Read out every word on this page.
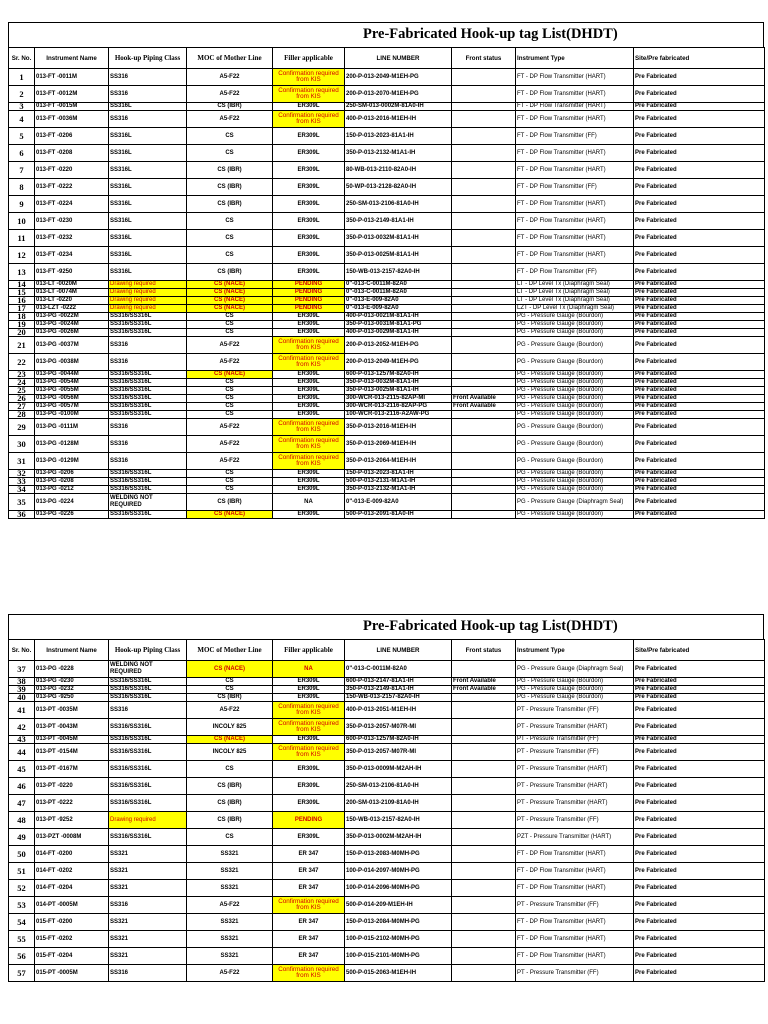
Pre-Fabricated Hook-up tag List(DHDT)
Sr. No.	Instrument Name	Hook-up Piping Class	MOC of Mother Line	Filler applicable	LINE NUMBER	Front status	Instrument Type	Site/Pre fabricated
1	013-FT -0011M	SS316	A5-F22	Confirmation required from KIS	200-P-013-2049-M1EH-PG		FT - DP Flow Transmitter (HART)	Pre Fabricated
2	013-FT -0012M	SS316	A5-F22	Confirmation required from KIS	200-P-013-2070-M1EH-PG		FT - DP Flow Transmitter (HART)	Pre Fabricated
3	013-FT -0015M	SS316L	CS (IBR)	ER309L	250-SM-013-0002M-81A0-IH		FT - DP Flow Transmitter (HART)	Pre Fabricated
4	013-FT -0036M	SS316	A5-F22	Confirmation required from KIS	400-P-013-2016-M1EH-IH		FT - DP Flow Transmitter (HART)	Pre Fabricated
5	013-FT -0206	SS316L	CS	ER309L	150-P-013-2023-81A1-IH		FT - DP Flow Transmitter (FF)	Pre Fabricated
6	013-FT -0208	SS316L	CS	ER309L	350-P-013-2132-M1A1-IH		FT - DP Flow Transmitter (HART)	Pre Fabricated
7	013-FT -0220	SS316L	CS (IBR)	ER309L	80-WB-013-2110-82A0-IH		FT - DP Flow Transmitter (HART)	Pre Fabricated
8	013-FT -0222	SS316L	CS (IBR)	ER309L	50-WP-013-2128-82A0-IH		FT - DP Flow Transmitter (FF)	Pre Fabricated
9	013-FT -0224	SS316L	CS (IBR)	ER309L	250-SM-013-2106-81A0-IH		FT - DP Flow Transmitter (HART)	Pre Fabricated
10	013-FT -0230	SS316L	CS	ER309L	350-P-013-2149-81A1-IH		FT - DP Flow Transmitter (HART)	Pre Fabricated
11	013-FT -0232	SS316L	CS	ER309L	350-P-013-0032M-81A1-IH		FT - DP Flow Transmitter (HART)	Pre Fabricated
12	013-FT -0234	SS316L	CS	ER309L	350-P-013-0025M-81A1-IH		FT - DP Flow Transmitter (HART)	Pre Fabricated
13	013-FT -9250	SS316L	CS (IBR)	ER309L	150-WB-013-2157-82A0-IH		FT - DP Flow Transmitter (FF)	Pre Fabricated
14	013-LT -0020M	Drawing required	CS (NACE)	PENDING	0"-013-C-0011M-82A0		LT - DP Level Tx (Diaphragm Seal)	Pre Fabricated
15	013-LT -0074M	Drawing required	CS (NACE)	PENDING	0"-013-C-0011M-82A0		LT - DP Level Tx (Diaphragm Seal)	Pre Fabricated
16	013-LT -0220	Drawing required	CS (NACE)	PENDING	0"-013-E-009-82A0		LT - DP Level Tx (Diaphragm Seal)	Pre Fabricated
17	013-LZT -0222	Drawing required	CS (NACE)	PENDING	0"-013-E-009-82A0		LZT - DP Level Tx (Diaphragm Seal)	Pre Fabricated
18	013-PG -0022M	SS316/SS316L	CS	ER309L	400-P-013-0021M-81A1-IH		PG - Pressure Gauge (Bourdon)	Pre Fabricated
19	013-PG -0024M	SS316/SS316L	CS	ER309L	350-P-013-0031M-81A1-PG		PG - Pressure Gauge (Bourdon)	Pre Fabricated
20	013-PG -0026M	SS316/SS316L	CS	ER309L	400-P-013-0029M-81A1-IH		PG - Pressure Gauge (Bourdon)	Pre Fabricated
21	013-PG -0037M	SS316	A5-F22	Confirmation required from KIS	200-P-013-2052-M1EH-PG		PG - Pressure Gauge (Bourdon)	Pre Fabricated
22	013-PG -0038M	SS316	A5-F22	Confirmation required from KIS	200-P-013-2049-M1EH-PG		PG - Pressure Gauge (Bourdon)	Pre Fabricated
23	013-PG -0044M	SS316/SS316L	CS (NACE)	ER309L	600-P-013-1257M-82A0-IH		PG - Pressure Gauge (Bourdon)	Pre Fabricated
24	013-PG -0054M	SS316/SS316L	CS	ER309L	350-P-013-0032M-81A1-IH		PG - Pressure Gauge (Bourdon)	Pre Fabricated
25	013-PG -0055M	SS316/SS316L	CS	ER309L	350-P-013-0025M-81A1-IH		PG - Pressure Gauge (Bourdon)	Pre Fabricated
26	013-PG -0056M	SS316/SS316L	CS	ER309L	300-WCR-013-2115-82AP-MI	Front Available	PG - Pressure Gauge (Bourdon)	Pre Fabricated
27	013-PG -0057M	SS316/SS316L	CS	ER309L	300-WCR-013-2116-82AP-PG	Front Available	PG - Pressure Gauge (Bourdon)	Pre Fabricated
28	013-PG -0100M	SS316/SS316L	CS	ER309L	100-WCR-013-2116-A2AW-PG		PG - Pressure Gauge (Bourdon)	Pre Fabricated
29	013-PG -0111M	SS316	A5-F22	Confirmation required from KIS	350-P-013-2016-M1EH-IH		PG - Pressure Gauge (Bourdon)	Pre Fabricated
30	013-PG -0128M	SS316	A5-F22	Confirmation required from KIS	350-P-013-2069-M1EH-IH		PG - Pressure Gauge (Bourdon)	Pre Fabricated
31	013-PG -0129M	SS316	A5-F22	Confirmation required from KIS	350-P-013-2064-M1EH-IH		PG - Pressure Gauge (Bourdon)	Pre Fabricated
32	013-PG -0206	SS316/SS316L	CS	ER309L	150-P-013-2023-81A1-IH		PG - Pressure Gauge (Bourdon)	Pre Fabricated
33	013-PG -0208	SS316/SS316L	CS	ER309L	500-P-013-2131-M1A1-IH		PG - Pressure Gauge (Bourdon)	Pre Fabricated
34	013-PG -0212	SS316/SS316L	CS	ER309L	350-P-013-2132-M1A1-IH		PG - Pressure Gauge (Bourdon)	Pre Fabricated
35	013-PG -0224	WELDING NOT REQUIRED	CS (IBR)	NA	0"-013-E-009-82A0		PG - Pressure Gauge (Diaphragm Seal)	Pre Fabricated
36	013-PG -0226	SS316/SS316L	CS (NACE)	ER309L	500-P-013-2091-81A0-IH		PG - Pressure Gauge (Bourdon)	Pre Fabricated
Pre-Fabricated Hook-up tag List(DHDT)
Sr. No.	Instrument Name	Hook-up Piping Class	MOC of Mother Line	Filler applicable	LINE NUMBER	Front status	Instrument Type	Site/Pre fabricated
37	013-PG -0228	WELDING NOT REQUIRED	CS (NACE)	NA	0"-013-C-0011M-82A0		PG - Pressure Gauge (Diaphragm Seal)	Pre Fabricated
38	013-PG -0230	SS316/SS316L	CS	ER309L	600-P-013-2147-81A1-IH	Front Available	PG - Pressure Gauge (Bourdon)	Pre Fabricated
39	013-PG -0232	SS316/SS316L	CS	ER309L	350-P-013-2149-81A1-IH	Front Available	PG - Pressure Gauge (Bourdon)	Pre Fabricated
40	013-PG -9250	SS316/SS316L	CS (IBR)	ER309L	150-WB-013-2157-82A0-IH		PG - Pressure Gauge (Bourdon)	Pre Fabricated
41	013-PT -0035M	SS316	A5-F22	Confirmation required from KIS	400-P-013-2051-M1EH-IH		PT - Pressure Transmitter (FF)	Pre Fabricated
42	013-PT -0043M	SS316/SS316L	INCOLY 825	Confirmation required from KIS	350-P-013-2057-M07R-MI		PT - Pressure Transmitter (HART)	Pre Fabricated
43	013-PT -0045M	SS316/SS316L	CS (NACE)	ER309L	600-P-013-1257M-82A0-IH		PT - Pressure Transmitter (FF)	Pre Fabricated
44	013-PT -0154M	SS316/SS316L	INCOLY 825	Confirmation required from KIS	350-P-013-2057-M07R-MI		PT - Pressure Transmitter (FF)	Pre Fabricated
45	013-PT -0167M	SS316/SS316L	CS	ER309L	350-P-013-0009M-M2AH-IH		PT - Pressure Transmitter (HART)	Pre Fabricated
46	013-PT -0220	SS316/SS316L	CS (IBR)	ER309L	250-SM-013-2106-81A0-IH		PT - Pressure Transmitter (HART)	Pre Fabricated
47	013-PT -0222	SS316/SS316L	CS (IBR)	ER309L	200-SM-013-2109-81A0-IH		PT - Pressure Transmitter (HART)	Pre Fabricated
48	013-PT -9252	Drawing required	CS (IBR)	PENDING	150-WB-013-2157-82A0-IH		PT - Pressure Transmitter (FF)	Pre Fabricated
49	013-PZT -0008M	SS316/SS316L	CS	ER309L	350-P-013-0002M-M2AH-IH		PZT - Pressure Transmitter (HART)	Pre Fabricated
50	014-FT -0200	SS321	SS321	ER 347	150-P-013-2083-M0MH-PG		FT - DP Flow Transmitter (HART)	Pre Fabricated
51	014-FT -0202	SS321	SS321	ER 347	100-P-014-2097-M0MH-PG		FT - DP Flow Transmitter (HART)	Pre Fabricated
52	014-FT -0204	SS321	SS321	ER 347	100-P-014-2096-M0MH-PG		FT - DP Flow Transmitter (HART)	Pre Fabricated
53	014-PT -0005M	SS316	A5-F22	Confirmation required from KIS	500-P-014-209-M1EH-IH		PT - Pressure Transmitter (FF)	Pre Fabricated
54	015-FT -0200	SS321	SS321	ER 347	150-P-013-2084-M0MH-PG		FT - DP Flow Transmitter (HART)	Pre Fabricated
55	015-FT -0202	SS321	SS321	ER 347	100-P-015-2102-M0MH-PG		FT - DP Flow Transmitter (HART)	Pre Fabricated
56	015-FT -0204	SS321	SS321	ER 347	100-P-015-2101-M0MH-PG		FT - DP Flow Transmitter (HART)	Pre Fabricated
57	015-PT -0005M	SS316	A5-F22	Confirmation required from KIS	500-P-015-2063-M1EH-IH		PT - Pressure Transmitter (FF)	Pre Fabricated
